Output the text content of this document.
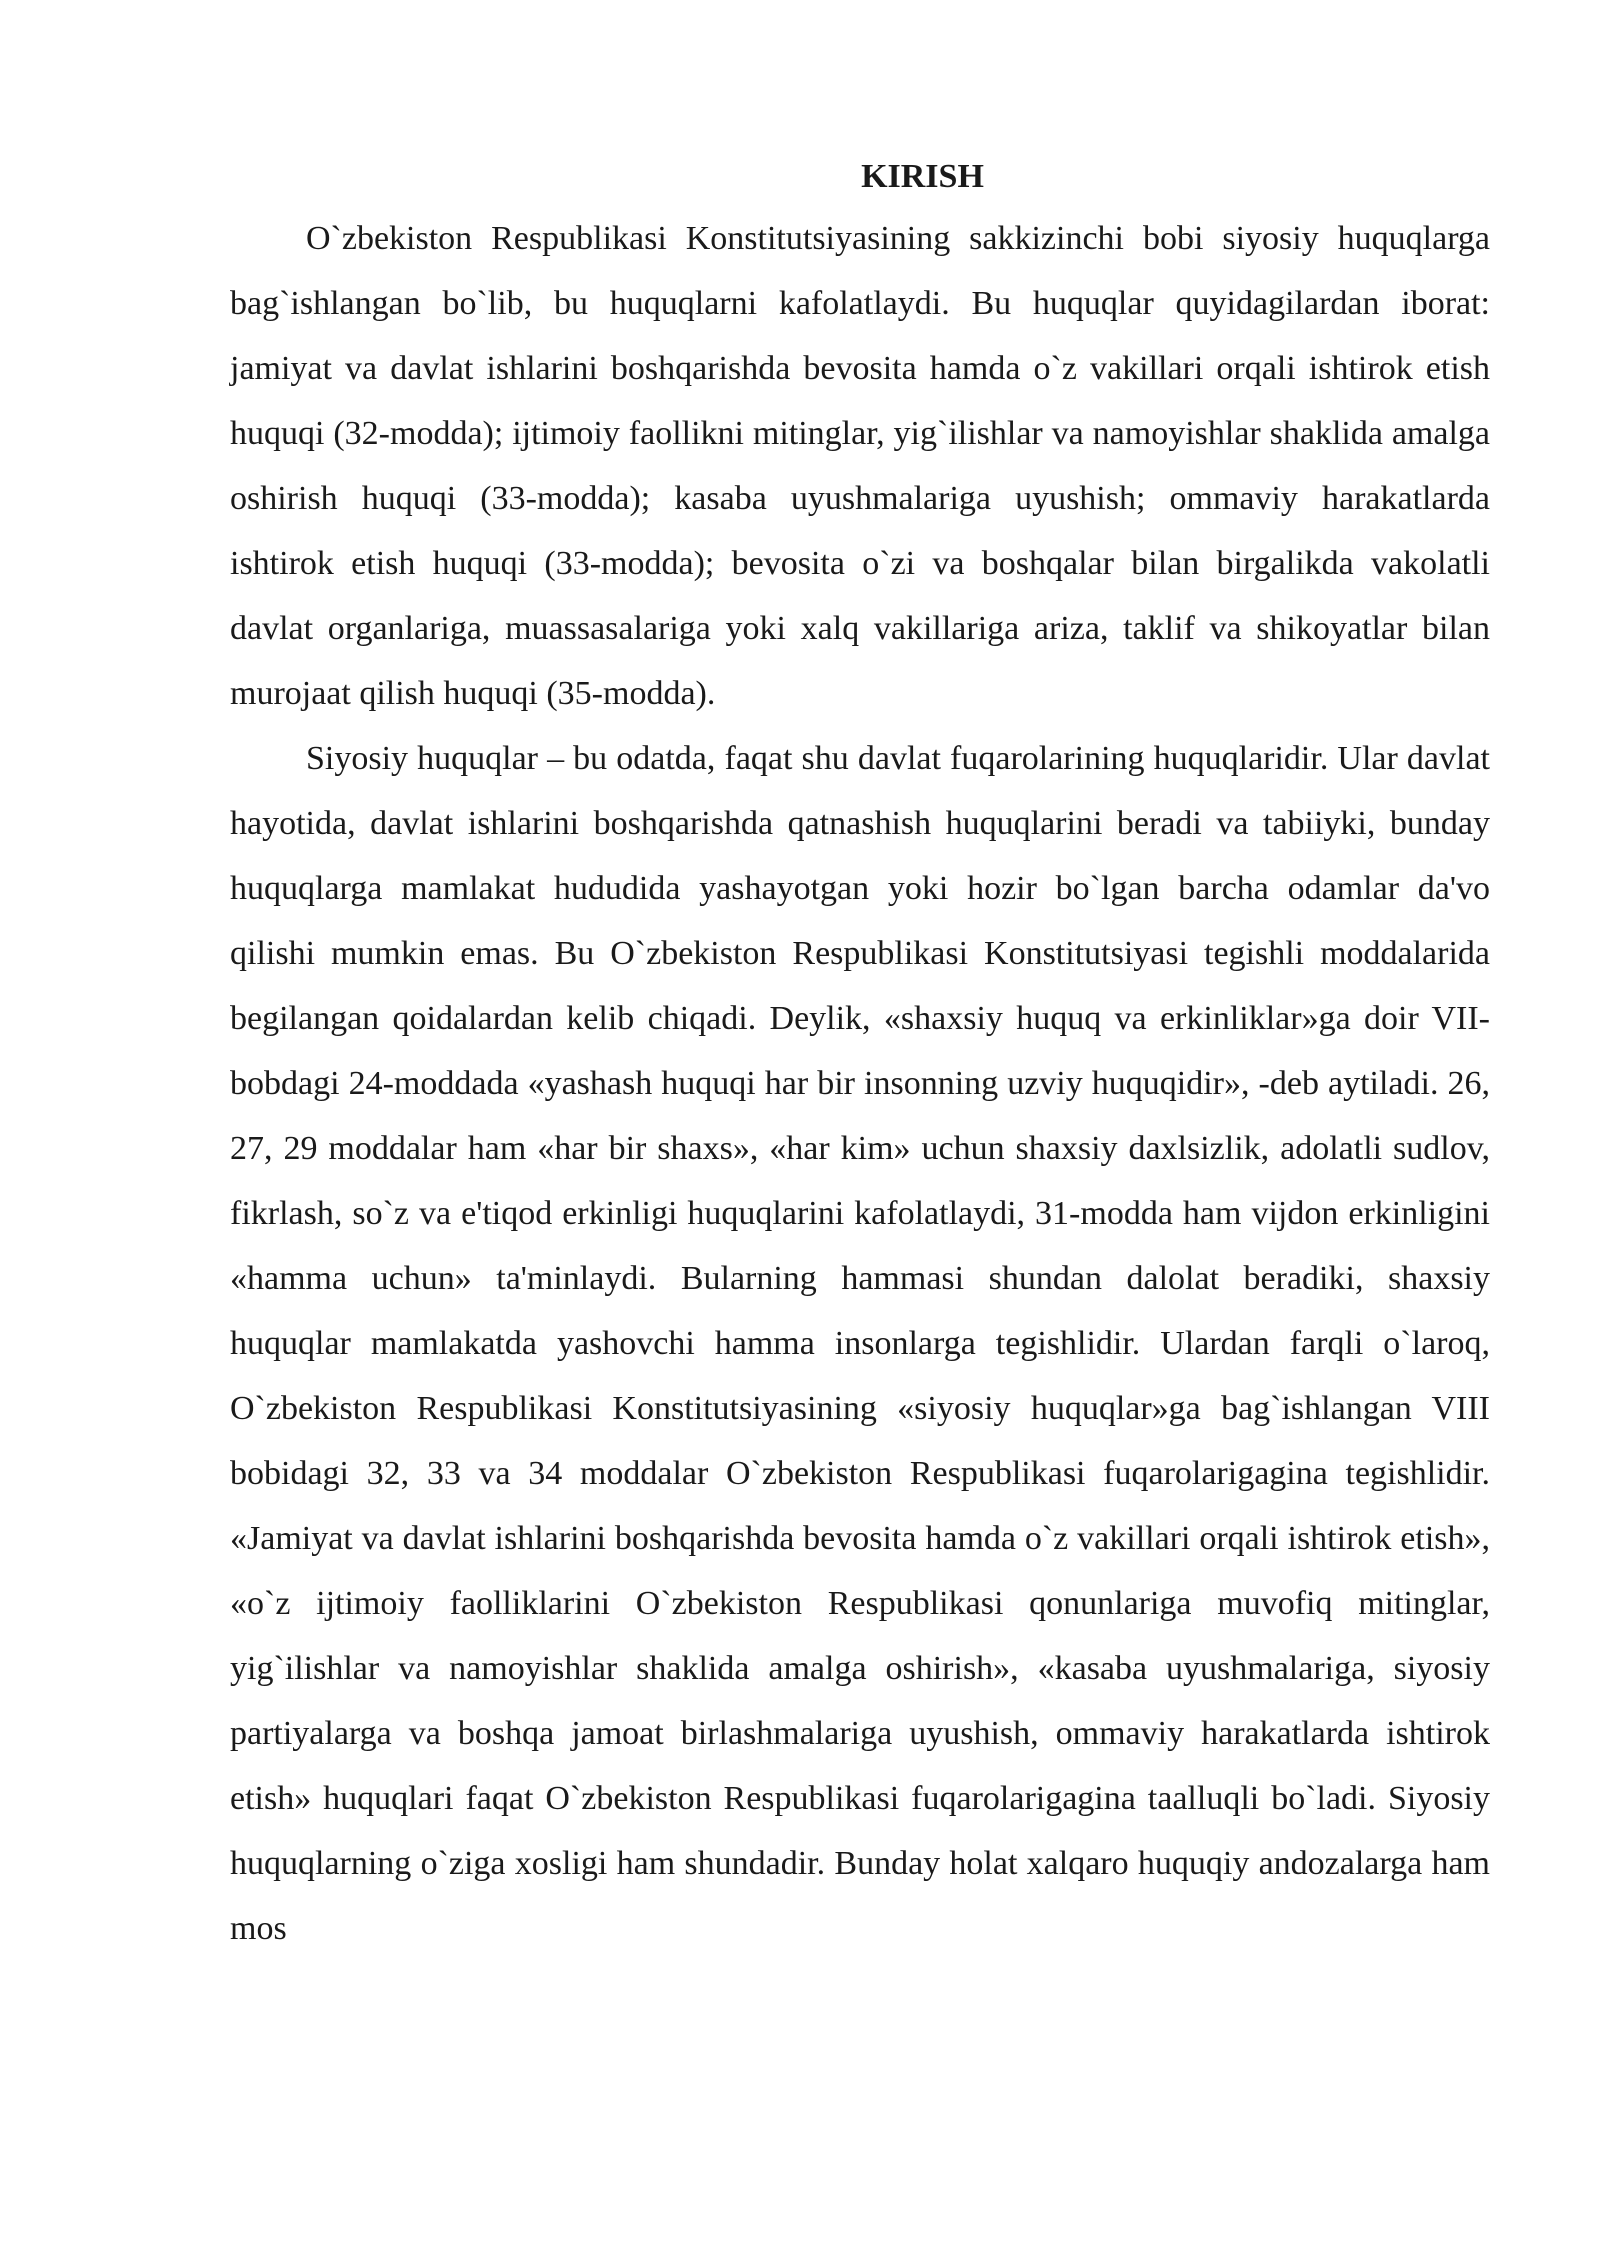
KIRISH

O`zbekiston Respublikasi Konstitutsiyasining sakkizinchi bobi siyosiy huquqlarga bag`ishlangan bo`lib, bu huquqlarni kafolatlaydi. Bu huquqlar quyidagilardan iborat: jamiyat va davlat ishlarini boshqarishda bevosita hamda o`z vakillari orqali ishtirok etish huquqi (32-modda); ijtimoiy faollikni mitinglar, yig`ilishlar va namoyishlar shaklida amalga oshirish huquqi (33-modda); kasaba uyushmalariga uyushish; ommaviy harakatlarda ishtirok etish huquqi (33-modda); bevosita o`zi va boshqalar bilan birgalikda vakolatli davlat organlariga, muassasalariga yoki xalq vakillariga ariza, taklif va shikoyatlar bilan murojaat qilish huquqi (35-modda).

Siyosiy huquqlar – bu odatda, faqat shu davlat fuqarolarining huquqlaridir. Ular davlat hayotida, davlat ishlarini boshqarishda qatnashish huquqlarini beradi va tabiiyki, bunday huquqlarga mamlakat hududida yashayotgan yoki hozir bo`lgan barcha odamlar da'vo qilishi mumkin emas. Bu O`zbekiston Respublikasi Konstitutsiyasi tegishli moddalarida begilangan qoidalardan kelib chiqadi. Deylik, «shaxsiy huquq va erkinliklar»ga doir VII-bobdagi 24-moddada «yashash huquqi har bir insonning uzviy huquqidir», -deb aytiladi. 26, 27, 29 moddalar ham «har bir shaxs», «har kim» uchun shaxsiy daxlsizlik, adolatli sudlov, fikrlash, so`z va e'tiqod erkinligi huquqlarini kafolatlaydi, 31-modda ham vijdon erkinligini «hamma uchun» ta'minlaydi. Bularning hammasi shundan dalolat beradiki, shaxsiy huquqlar mamlakatda yashovchi hamma insonlarga tegishlidir. Ulardan farqli o`laroq, O`zbekiston Respublikasi Konstitutsiyasining «siyosiy huquqlar»ga bag`ishlangan VIII bobidagi 32, 33 va 34 moddalar O`zbekiston Respublikasi fuqarolarigagina tegishlidir. «Jamiyat va davlat ishlarini boshqarishda bevosita hamda o`z vakillari orqali ishtirok etish», «o`z ijtimoiy faolliklarini O`zbekiston Respublikasi qonunlariga muvofiq mitinglar, yig`ilishlar va namoyishlar shaklida amalga oshirish», «kasaba uyushmalariga, siyosiy partiyalarga va boshqa jamoat birlashmalariga uyushish, ommaviy harakatlarda ishtirok etish» huquqlari faqat O`zbekiston Respublikasi fuqarolarigagina taalluqli bo`ladi. Siyosiy huquqlarning o`ziga xosligi ham shundadir. Bunday holat xalqaro huquqiy andozalarga ham mos
